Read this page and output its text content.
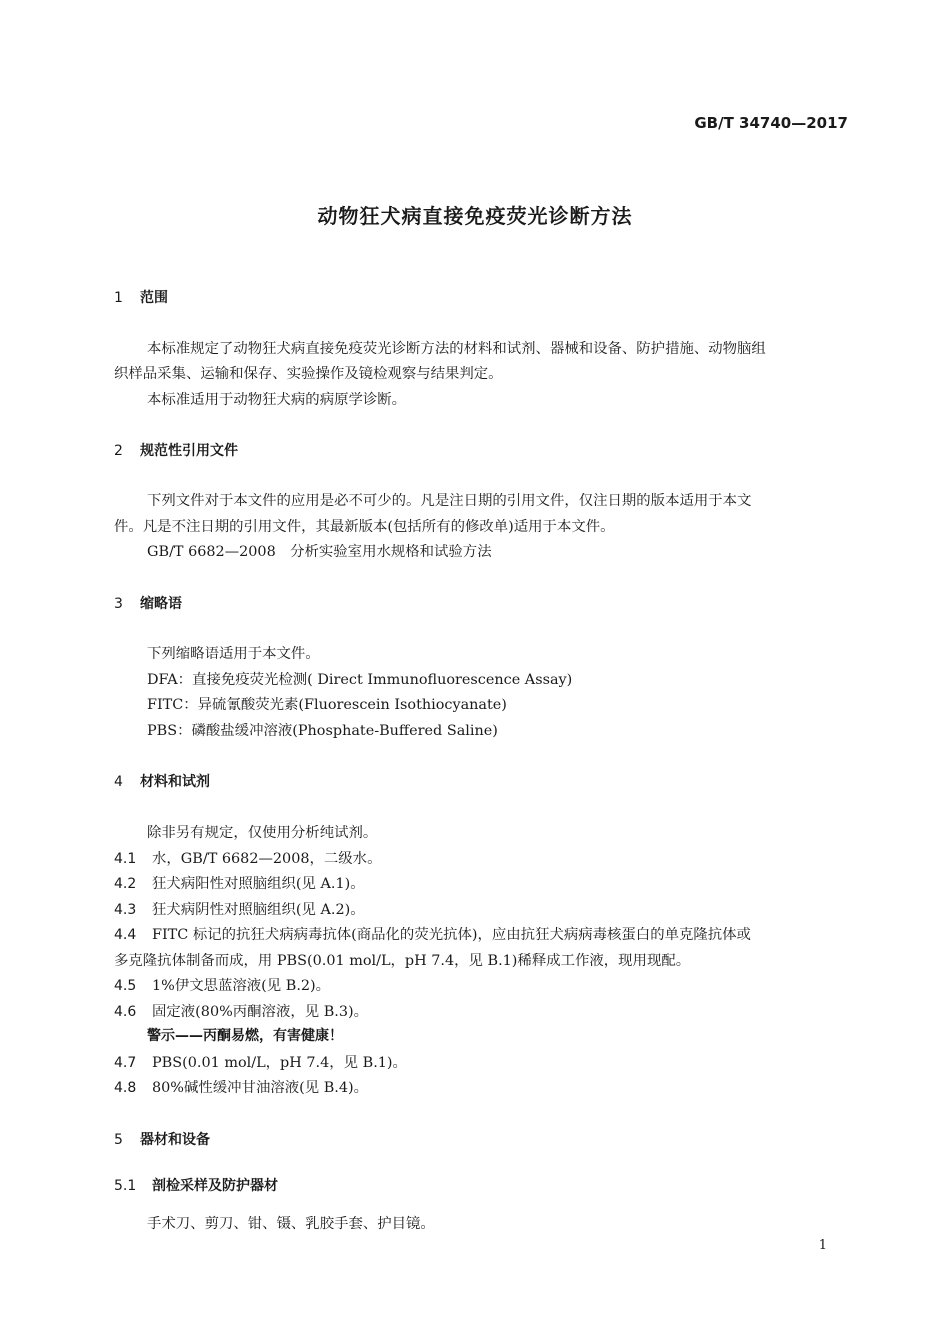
GB/T 34740—2017
动物狂犬病直接免疫荧光诊断方法
1 范围
本标准规定了动物狂犬病直接免疫荧光诊断方法的材料和试剂、器械和设备、防护措施、动物脑组
织样品采集、运输和保存、实验操作及镜检观察与结果判定。
本标准适用于动物狂犬病的病原学诊断。
2 规范性引用文件
下列文件对于本文件的应用是必不可少的。凡是注日期的引用文件，仅注日期的版本适用于本文
件。凡是不注日期的引用文件，其最新版本(包括所有的修改单)适用于本文件。
GB/T 6682—2008　分析实验室用水规格和试验方法
3 缩略语
下列缩略语适用于本文件。
DFA：直接免疫荧光检测( Direct Immunofluorescence Assay)
FITC：异硫氰酸荧光素(Fluorescein Isothiocyanate)
PBS：磷酸盐缓冲溶液(Phosphate-Buffered Saline)
4 材料和试剂
除非另有规定，仅使用分析纯试剂。
4.1 水，GB/T 6682—2008，二级水。
4.2 狂犬病阳性对照脑组织(见 A.1)。
4.3 狂犬病阴性对照脑组织(见 A.2)。
4.4 FITC 标记的抗狂犬病病毒抗体(商品化的荧光抗体)，应由抗狂犬病病毒核蛋白的单克隆抗体或
多克隆抗体制备而成，用 PBS(0.01 mol/L，pH 7.4，见 B.1)稀释成工作液，现用现配。
4.5 1%伊文思蓝溶液(见 B.2)。
4.6 固定液(80%丙酮溶液，见 B.3)。
警示——丙酮易燃，有害健康！
4.7 PBS(0.01 mol/L，pH 7.4，见 B.1)。
4.8 80%碱性缓冲甘油溶液(见 B.4)。
5 器材和设备
5.1 剖检采样及防护器材
手术刀、剪刀、钳、镊、乳胶手套、护目镜。
1
